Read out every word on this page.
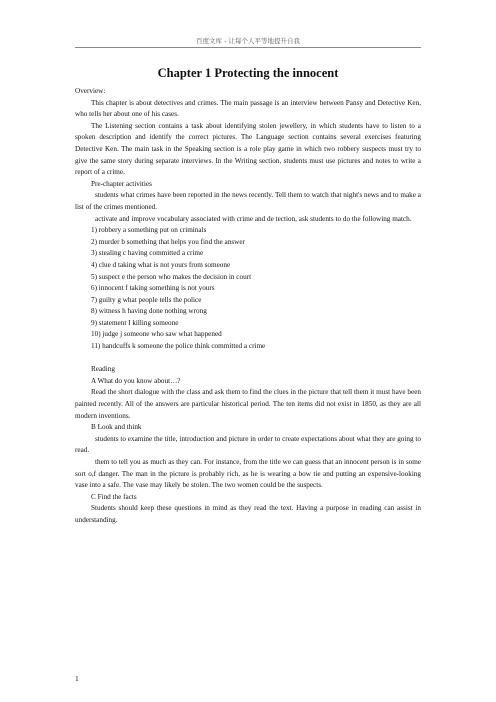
百度文库 - 让每个人平等地提升自我
Chapter 1 Protecting the innocent

Overview:

This chapter is about detectives and crimes. The main passage is an interview between Pansy and Detective Ken, who tells her about one of his cases.

The Listening section contains a task about identifying stolen jewellery, in which students have to listen to a spoken description and identify the correct pictures. The Language section contains several exercises featuring Detective Ken. The main task in the Speaking section is a role play game in which two robbery suspects must try to give the same story during separate interviews. In the Writing section, students must use pictures and notes to write a report of a crime.

Pre-chapter activities

students what crimes have been reported in the news recently. Tell them to watch that night's news and to make a list of the crimes mentioned.

activate and improve vocabulary associated with crime and de tection, ask students to do the following match.

1) robbery a something put on criminals
2) murder b something that helps you find the answer
3) stealing c having committed a crime
4) clue d taking what is not yours from someone
5) suspect e the person who makes the decision in court
6) innocent f taking something is not yours
7) guilty g what people tells the police
8) witness h having done nothing wrong
9) statement I killing someone
10) judge j someone who saw what happened
11) handcuffs k someone the police think committed a crime

Reading

A What do you know about…?

Read the short dialogue with the class and ask them to find the clues in the picture that tell them it must have been painted recently. All of the answers are particular historical period. The ten items did not exist in 1850, as they are all modern inventions.

B Look and think

students to examine the title, introduction and picture in order to create expectations about what they are going to read.

them to tell you as much as they can. For instance, from the title we can guess that an innocent person is in some sort o,f danger. The man in the picture is probably rich, as he is wearing a bow tie and putting an expensive-looking vase into a safe. The vase may likely be stolen. The two women could be the suspects.

C Find the facts

Students should keep these questions in mind as they read the text. Having a purpose in reading can assist in understanding.

1
